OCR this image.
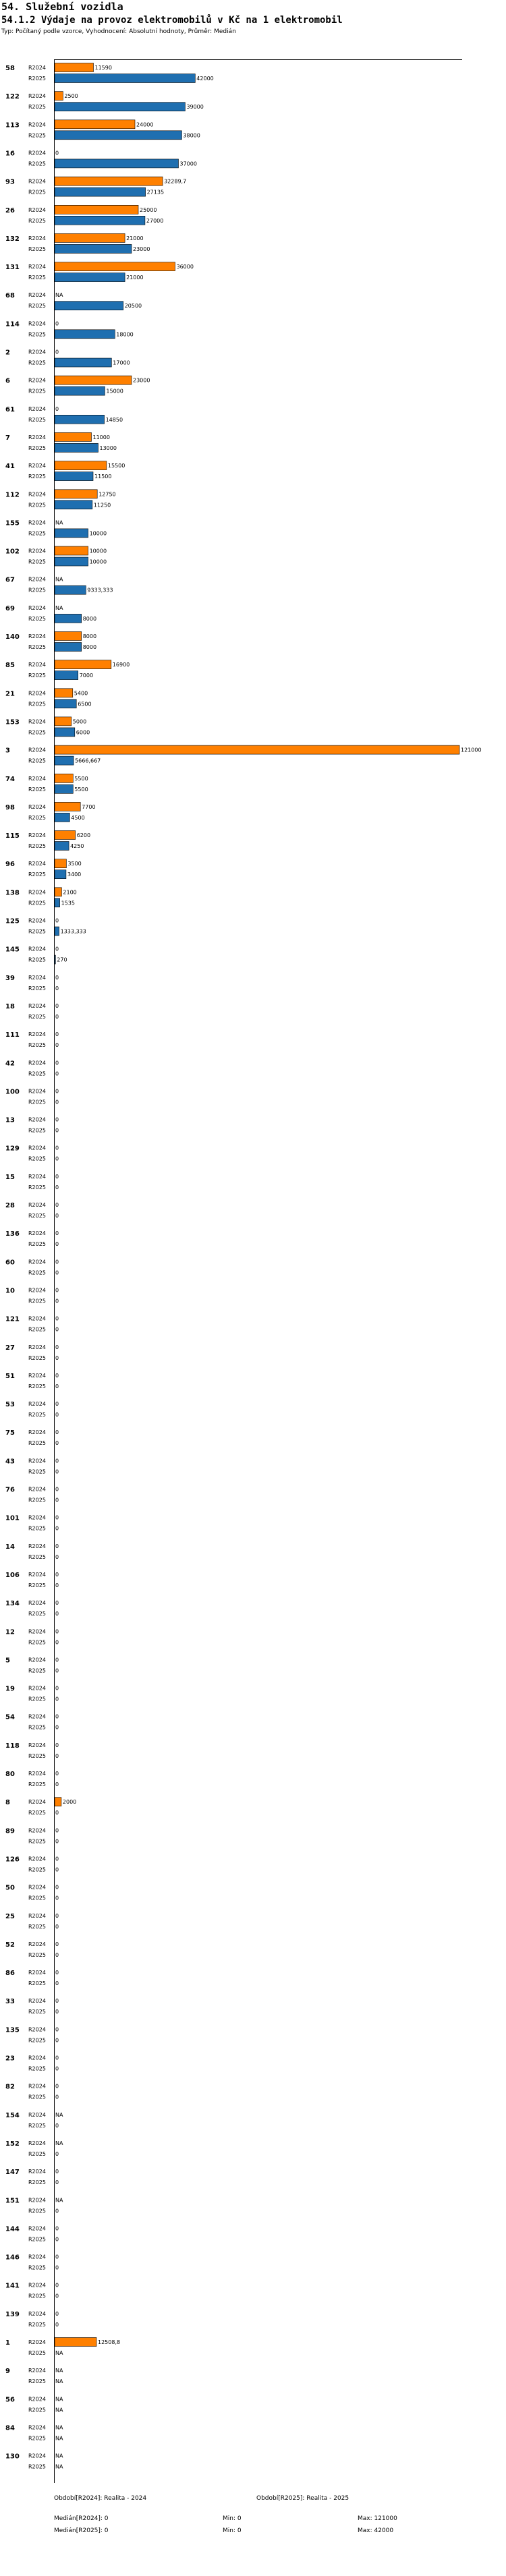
54. Služební vozidla
54.1.2 Výdaje na provoz elektromobilů v Kč na 1 elektromobil
Typ: Počítaný podle vzorce, Vyhodnocení: Absolutní hodnoty, Průměr: Medián
58	R2024	11590
R2025	42000
122 R2024	2500
R2025	39000
113 R2024	24000
R2025	38000
16	R2024 0
R2025	37000
93	R2024	32289,7
R2025	27135
26	R2024	25000
R2025	27000
132 R2024	21000
R2025	23000
131 R2024	36000
R2025	21000
68	R2024 NA
R2025	20500
114 R2024 0
R2025	18000
2	R2024 0
R2025	17000
6	R2024	23000
R2025	15000
61	R2024 0
R2025	14850
7	R2024	11000
R2025	13000
41	R2024	15500
R2025	11500
112 R2024	12750
R2025	11250
155 R2024 NA
R2025	10000
102 R2024	10000
R2025	10000
67	R2024 NA
R2025	9333,333
69	R2024 NA
R2025	8000
140 R2024	8000
R2025	8000
85	R2024	16900
R2025	7000
21	R2024	5400
R2025	6500
153 R2024	5000
R2025	6000
3	R2024	121000
R2025	5666,667
74	R2024	5500
R2025	5500
98	R2024	7700
R2025	4500
115 R2024	6200
R2025	4250
96	R2024	3500
R2025	3400
138 R2024	2100
R2025	1535
125 R2024 0
R2025	1333,333
145 R2024 0
R2025 270
39	R2024 0
R2025 0
18	R2024 0
R2025 0
111 R2024 0
R2025 0
42	R2024 0
R2025 0
100 R2024 0
R2025 0
13	R2024 0
R2025 0
129 R2024 0
R2025 0
15	R2024 0
R2025 0
28	R2024 0
R2025 0
136 R2024 0
R2025 0
60	R2024 0
R2025 0
10	R2024 0
R2025 0
121 R2024 0
R2025 0
27	R2024 0
R2025 0
51	R2024 0
R2025 0
53	R2024 0
R2025 0
75	R2024 0
R2025 0
43	R2024 0
R2025 0
76	R2024 0
R2025 0
101 R2024 0
R2025 0
14	R2024 0
R2025 0
106 R2024 0
R2025 0
134 R2024 0
R2025 0
12	R2024 0
R2025 0
5	R2024 0
R2025 0
19	R2024 0
R2025 0
54	R2024 0
R2025 0
118 R2024 0
R2025 0
80	R2024 0
R2025 0
8	R2024	2000
R2025 0
89	R2024 0
R2025 0
126 R2024 0
R2025 0
50	R2024 0
R2025 0
25	R2024 0
R2025 0
52	R2024 0
R2025 0
86	R2024 0
R2025 0
33	R2024 0
R2025 0
135 R2024 0
R2025 0
23	R2024 0
R2025 0
82	R2024 0
R2025 0
154 R2024 NA
R2025 0
152 R2024 NA
R2025 0
147 R2024 0
R2025 0
151 R2024 NA
R2025 0
144 R2024 0
R2025 0
146 R2024 0
R2025 0
141 R2024 0
R2025 0
139 R2024 0
R2025 0
1	R2024	12508,8
R2025 NA
9	R2024 NA
R2025 NA
56	R2024 NA
R2025 NA
84	R2024 NA
R2025 NA
130 R2024 NA
R2025 NA
Období[R2024]: Realita - 2024	Období[R2025]: Realita - 2025
Medián[R2024]: 0
Medián[R2025]: 0
Min: 0
Min: 0
Max: 121000
Max: 42000
